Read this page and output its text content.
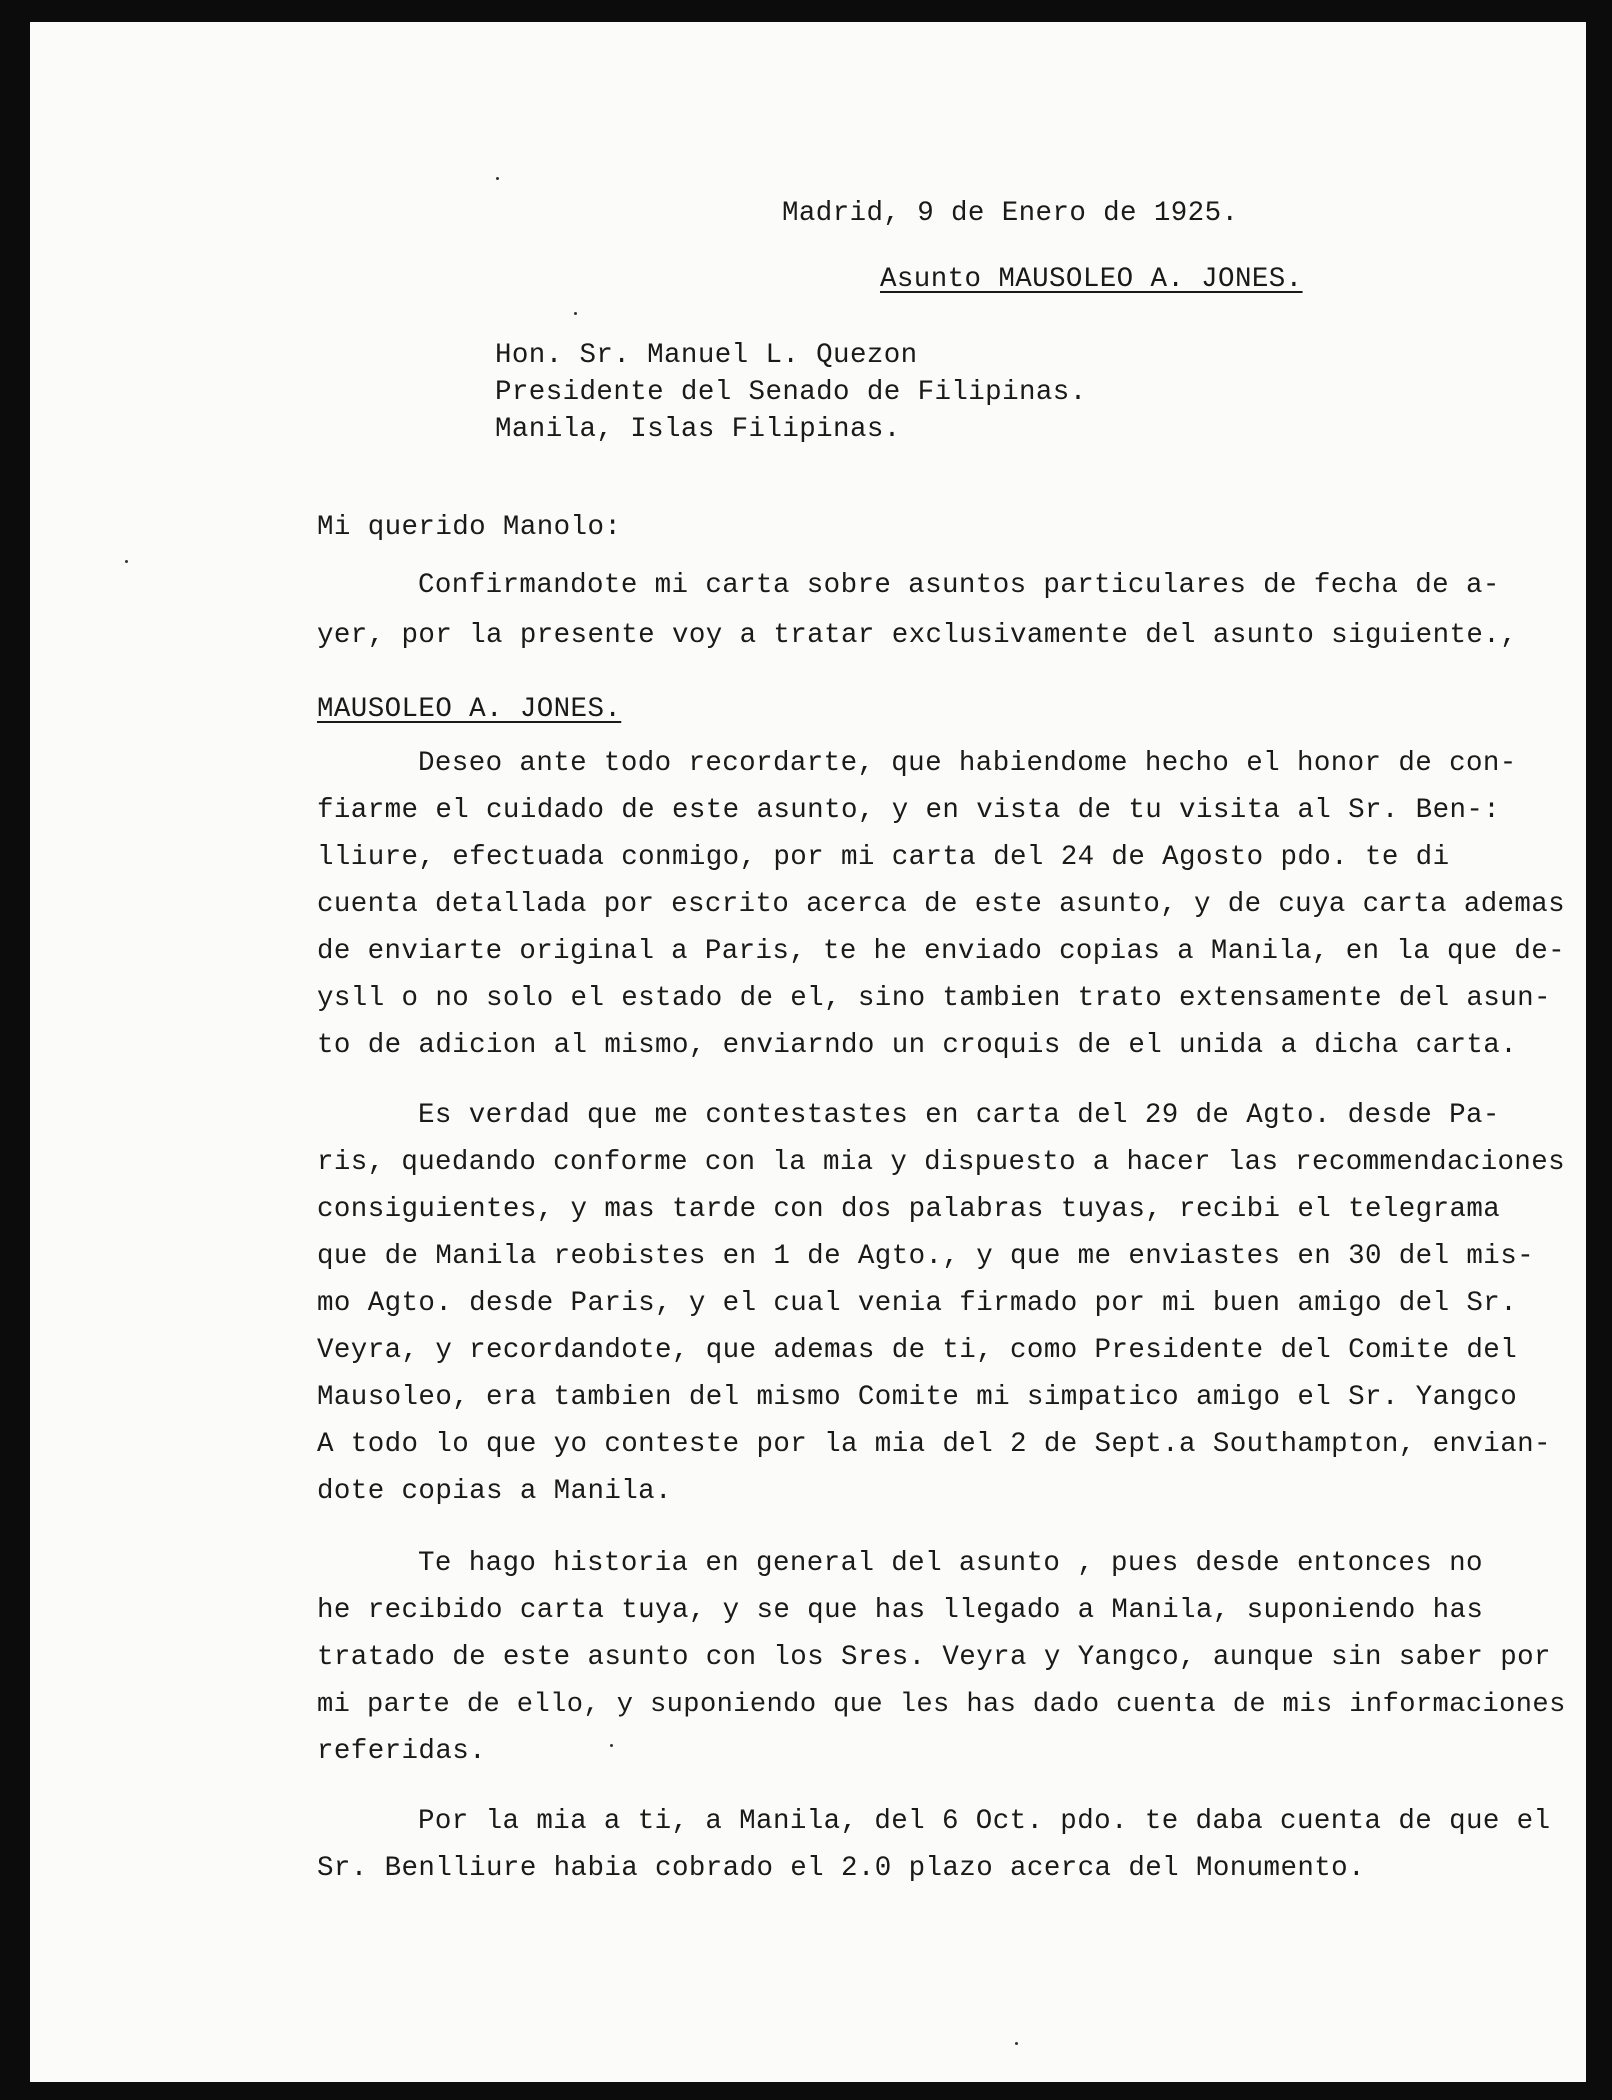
Madrid, 9 de Enero de 1925.
Asunto MAUSOLEO A. JONES.
Hon. Sr. Manuel L. Quezon
Presidente del Senado de Filipinas.
Manila, Islas Filipinas.
Mi querido Manolo:
Confirmandote mi carta sobre asuntos particulares de fecha de a-
yer, por la presente voy a tratar exclusivamente del asunto siguiente.,
MAUSOLEO A. JONES.
Deseo ante todo recordarte, que habiendome hecho el honor de con-
fiarme el cuidado de este asunto, y en vista de tu visita al Sr. Ben-:
lliure, efectuada conmigo, por mi carta del 24 de Agosto pdo. te di
cuenta detallada por escrito acerca de este asunto, y de cuya carta ademas
de enviarte original a Paris, te he enviado copias a Manila, en la que de-
ysll o no solo el estado de el, sino tambien trato extensamente del asun-
to de adicion al mismo, enviarndo un croquis de el unida a dicha carta.
Es verdad que me contestastes en carta del 29 de Agto. desde Pa-
ris, quedando conforme con la mia y dispuesto a hacer las recommendaciones
consiguientes, y mas tarde con dos palabras tuyas, recibi el telegrama
que de Manila reobistes en 1 de Agto., y que me enviastes en 30 del mis-
mo Agto. desde Paris, y el cual venia firmado por mi buen amigo del Sr.
Veyra, y recordandote, que ademas de ti, como Presidente del Comite del
Mausoleo, era tambien del mismo Comite mi simpatico amigo el Sr. Yangco
A todo lo que yo conteste por la mia del 2 de Sept.a Southampton, envian-
dote copias a Manila.
Te hago historia en general del asunto , pues desde entonces no
he recibido carta tuya, y se que has llegado a Manila, suponiendo has
tratado de este asunto con los Sres. Veyra y Yangco, aunque sin saber por
mi parte de ello, y suponiendo que les has dado cuenta de mis informaciones
referidas.
Por la mia a ti, a Manila, del 6 Oct. pdo. te daba cuenta de que el
Sr. Benlliure habia cobrado el 2.0 plazo acerca del Monumento.
